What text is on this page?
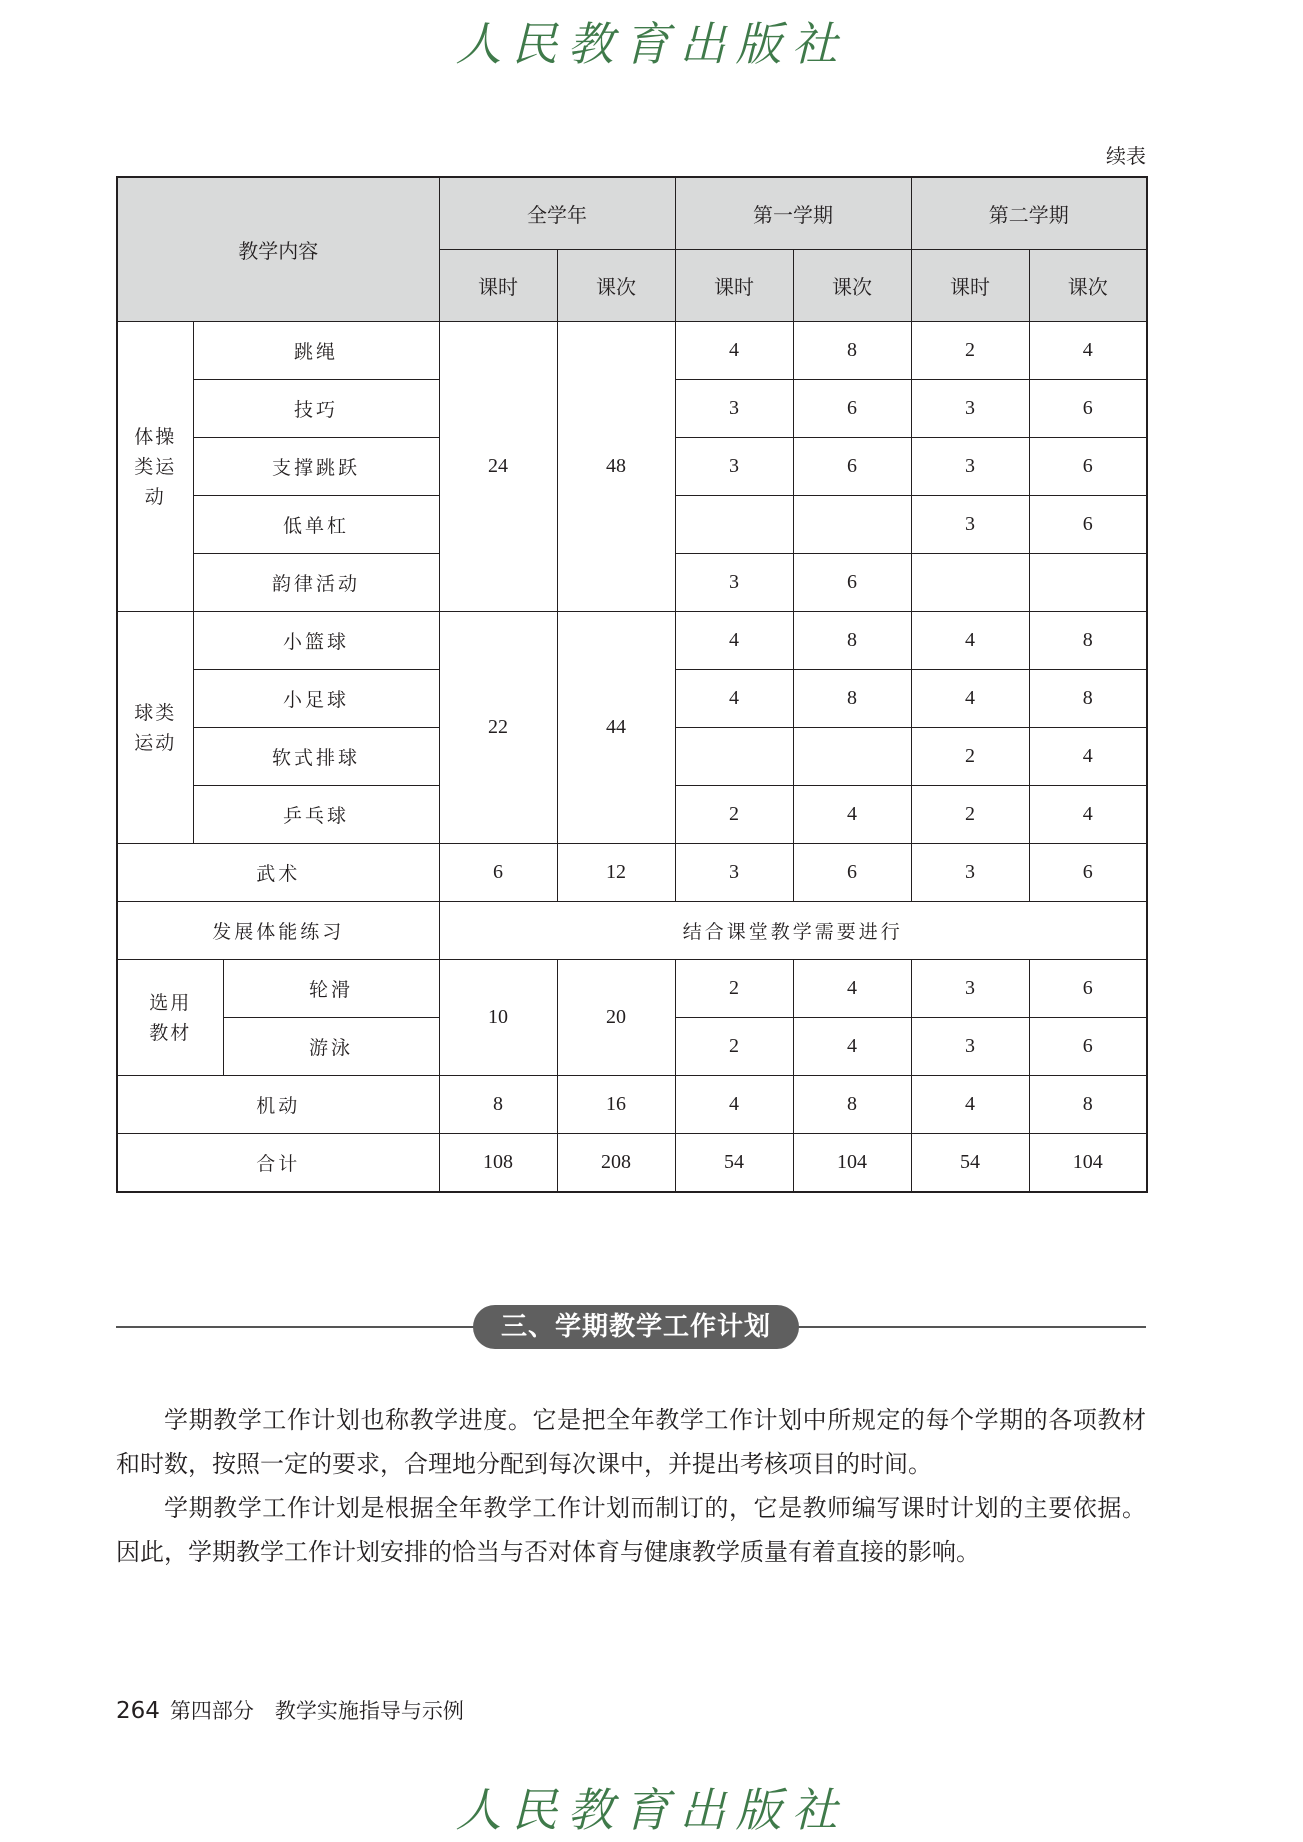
人民教育出版社
续表
教学内容			全学年		第一学期		第二学期	
			课时	课次	课时	课次	课时	课次
体操类运动	跳绳		24	48	4	8	2	4
	技巧				3	6	3	6
	支撑跳跃				3	6	3	6
	低单杠						3	6
	韵律活动				3	6		
球类运动	小篮球		22	44	4	8	4	8
	小足球				4	8	4	8
	软式排球						2	4
	乒乓球				2	4	2	4
武术			6	12	3	6	3	6
发展体能练习			结合课堂教学需要进行					
选用教材		轮滑	10	20	2	4	3	6
		游泳			2	4	3	6
机动			8	16	4	8	4	8
合计			108	208	54	104	54	104
三、学期教学工作计划

学期教学工作计划也称教学进度。它是把全年教学工作计划中所规定的每个学期的各项教材和时数，按照一定的要求，合理地分配到每次课中，并提出考核项目的时间。

学期教学工作计划是根据全年教学工作计划而制订的，它是教师编写课时计划的主要依据。因此，学期教学工作计划安排的恰当与否对体育与健康教学质量有着直接的影响。

264 第四部分　教学实施指导与示例
人民教育出版社
